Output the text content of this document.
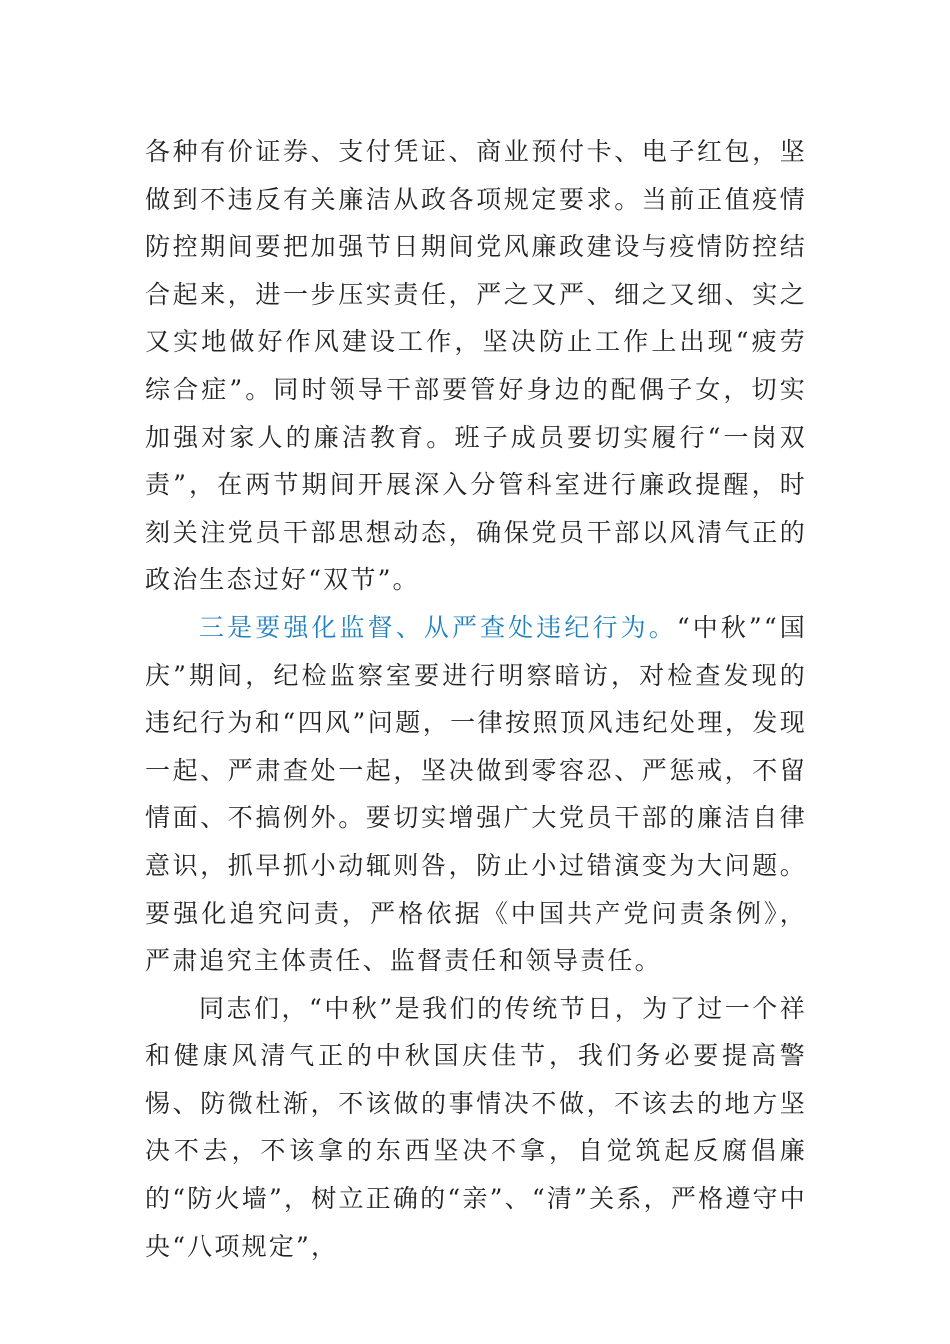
各种有价证券、支付凭证、商业预付卡、电子红包，坚做到不违反有关廉洁从政各项规定要求。当前正值疫情防控期间要把加强节日期间党风廉政建设与疫情防控结合起来，进一步压实责任，严之又严、细之又细、实之又实地做好作风建设工作，坚决防止工作上出现“疲劳综合症”。同时领导干部要管好身边的配偶子女，切实加强对家人的廉洁教育。班子成员要切实履行“一岗双责”，在两节期间开展深入分管科室进行廉政提醒，时刻关注党员干部思想动态，确保党员干部以风清气正的政治生态过好“双节”。

三是要强化监督、从严查处违纪行为。“中秋”“国庆”期间，纪检监察室要进行明察暗访，对检查发现的违纪行为和“四风”问题，一律按照顶风违纪处理，发现一起、严肃查处一起，坚决做到零容忍、严惩戒，不留情面、不搞例外。要切实增强广大党员干部的廉洁自律意识，抓早抓小动辄则咎，防止小过错演变为大问题。要强化追究问责，严格依据《中国共产党问责条例》，严肃追究主体责任、监督责任和领导责任。

同志们，“中秋”是我们的传统节日，为了过一个祥和健康风清气正的中秋国庆佳节，我们务必要提高警惕、防微杜渐，不该做的事情决不做，不该去的地方坚决不去，不该拿的东西坚决不拿，自觉筑起反腐倡廉的“防火墙”，树立正确的“亲”、“清”关系，严格遵守中央“八项规定”，
